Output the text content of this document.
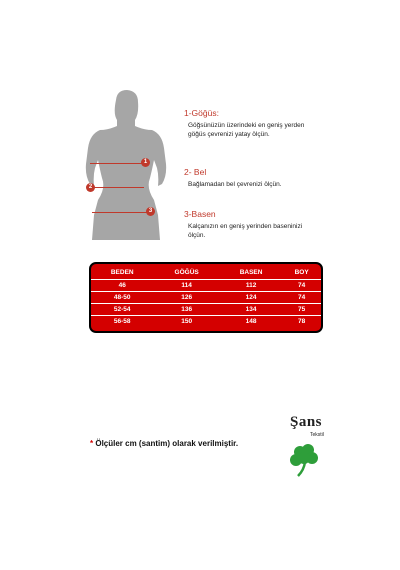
1
2
3
1-Göğüs:
Göğsünüzün üzerindeki en geniş yerden
göğüs çevrenizi yatay ölçün.
2- Bel
Bağlamadan bel çevrenizi ölçün.
3-Basen
Kalçanızın en geniş yerinden baseninizi
ölçün.
BEDEN	GÖĞÜS	BASEN	BOY
46	114	112	74
48-50	126	124	74
52-54	136	134	75
56-58	150	148	78
* Ölçüler cm (santim) olarak verilmiştir.
Şans
Tekstil
